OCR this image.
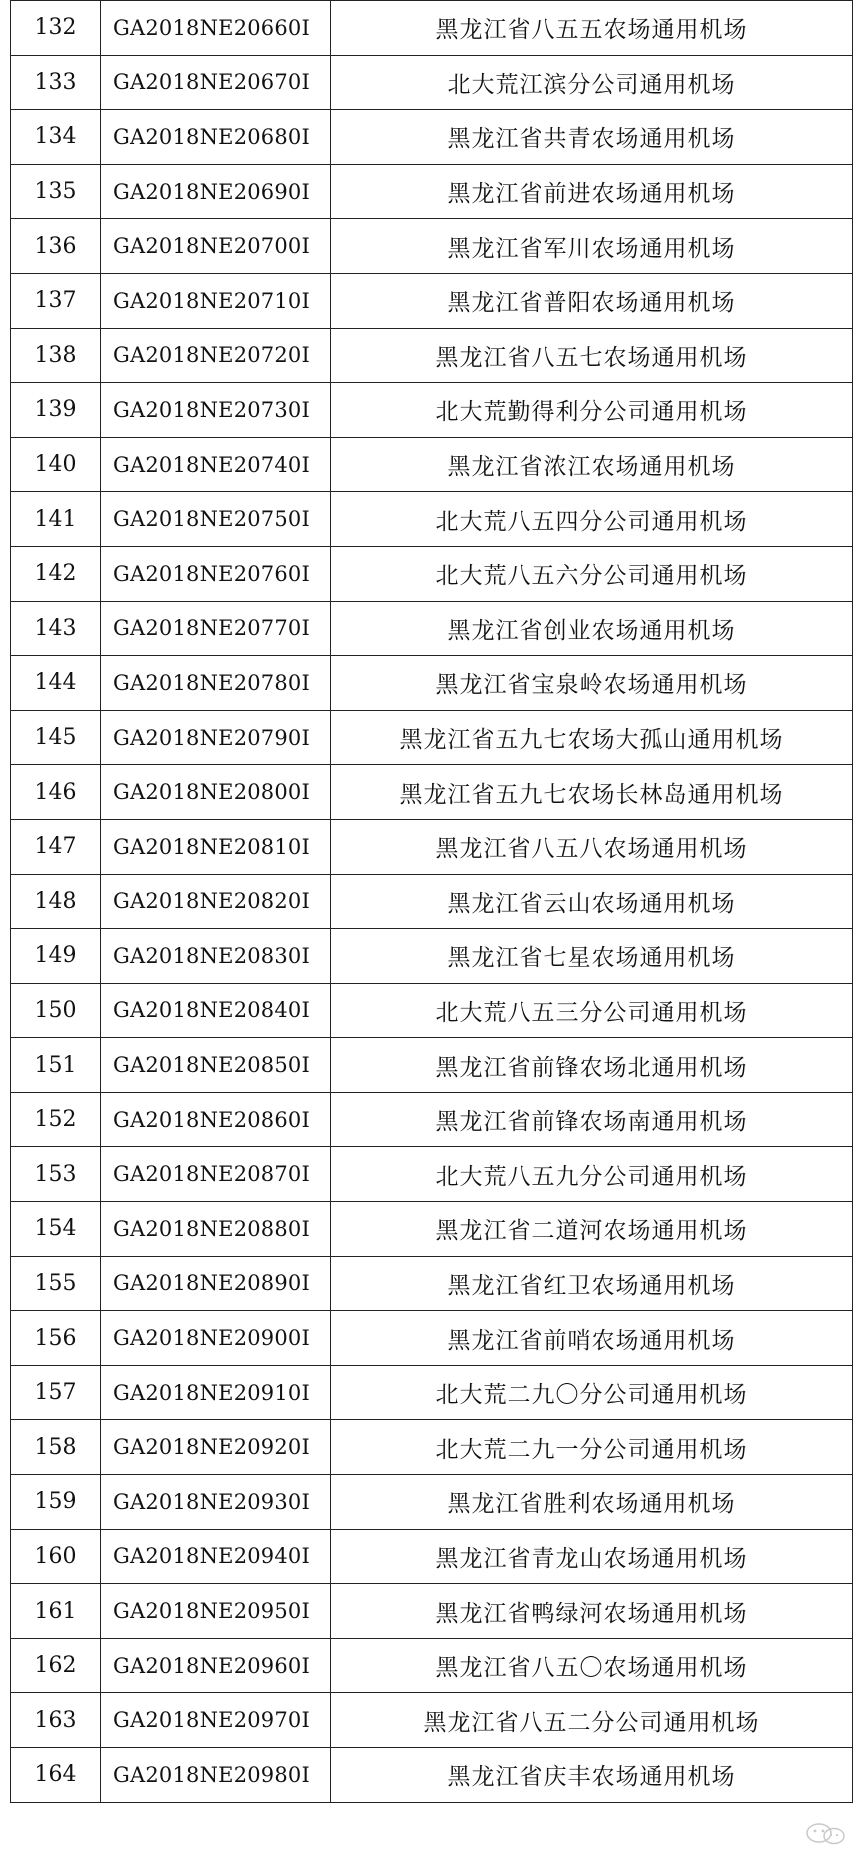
132	GA2018NE20660I	黑龙江省八五五农场通用机场
133	GA2018NE20670I	北大荒江滨分公司通用机场
134	GA2018NE20680I	黑龙江省共青农场通用机场
135	GA2018NE20690I	黑龙江省前进农场通用机场
136	GA2018NE20700I	黑龙江省军川农场通用机场
137	GA2018NE20710I	黑龙江省普阳农场通用机场
138	GA2018NE20720I	黑龙江省八五七农场通用机场
139	GA2018NE20730I	北大荒勤得利分公司通用机场
140	GA2018NE20740I	黑龙江省浓江农场通用机场
141	GA2018NE20750I	北大荒八五四分公司通用机场
142	GA2018NE20760I	北大荒八五六分公司通用机场
143	GA2018NE20770I	黑龙江省创业农场通用机场
144	GA2018NE20780I	黑龙江省宝泉岭农场通用机场
145	GA2018NE20790I	黑龙江省五九七农场大孤山通用机场
146	GA2018NE20800I	黑龙江省五九七农场长林岛通用机场
147	GA2018NE20810I	黑龙江省八五八农场通用机场
148	GA2018NE20820I	黑龙江省云山农场通用机场
149	GA2018NE20830I	黑龙江省七星农场通用机场
150	GA2018NE20840I	北大荒八五三分公司通用机场
151	GA2018NE20850I	黑龙江省前锋农场北通用机场
152	GA2018NE20860I	黑龙江省前锋农场南通用机场
153	GA2018NE20870I	北大荒八五九分公司通用机场
154	GA2018NE20880I	黑龙江省二道河农场通用机场
155	GA2018NE20890I	黑龙江省红卫农场通用机场
156	GA2018NE20900I	黑龙江省前哨农场通用机场
157	GA2018NE20910I	北大荒二九〇分公司通用机场
158	GA2018NE20920I	北大荒二九一分公司通用机场
159	GA2018NE20930I	黑龙江省胜利农场通用机场
160	GA2018NE20940I	黑龙江省青龙山农场通用机场
161	GA2018NE20950I	黑龙江省鸭绿河农场通用机场
162	GA2018NE20960I	黑龙江省八五〇农场通用机场
163	GA2018NE20970I	黑龙江省八五二分公司通用机场
164	GA2018NE20980I	黑龙江省庆丰农场通用机场
